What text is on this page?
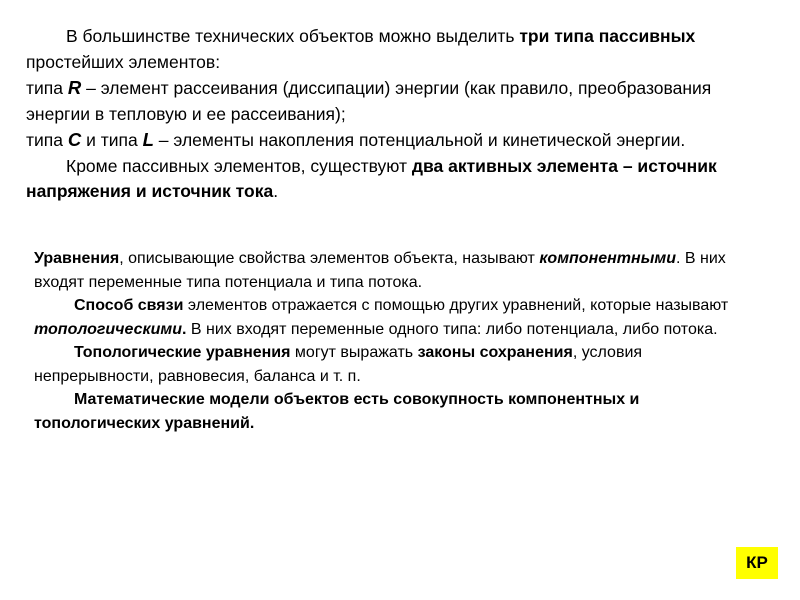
В большинстве технических объектов можно выделить три типа пассивных простейших элементов:

типа R – элемент рассеивания (диссипации) энергии (как правило, преобразования энергии в тепловую и ее рассеивания);

типа C и типа L – элементы накопления потенциальной и кинетической энергии.

Кроме пассивных элементов, существуют два активных элемента – источник напряжения и источник тока.

Уравнения, описывающие свойства элементов объекта, называют компонентными. В них входят переменные типа потенциала и типа потока.

Способ связи элементов отражается с помощью других уравнений, которые называют топологическими. В них входят переменные одного типа: либо потенциала, либо потока.

Топологические уравнения могут выражать законы сохранения, условия непрерывности, равновесия, баланса и т. п.

Математические модели объектов есть совокупность компонентных и топологических уравнений.

КР
